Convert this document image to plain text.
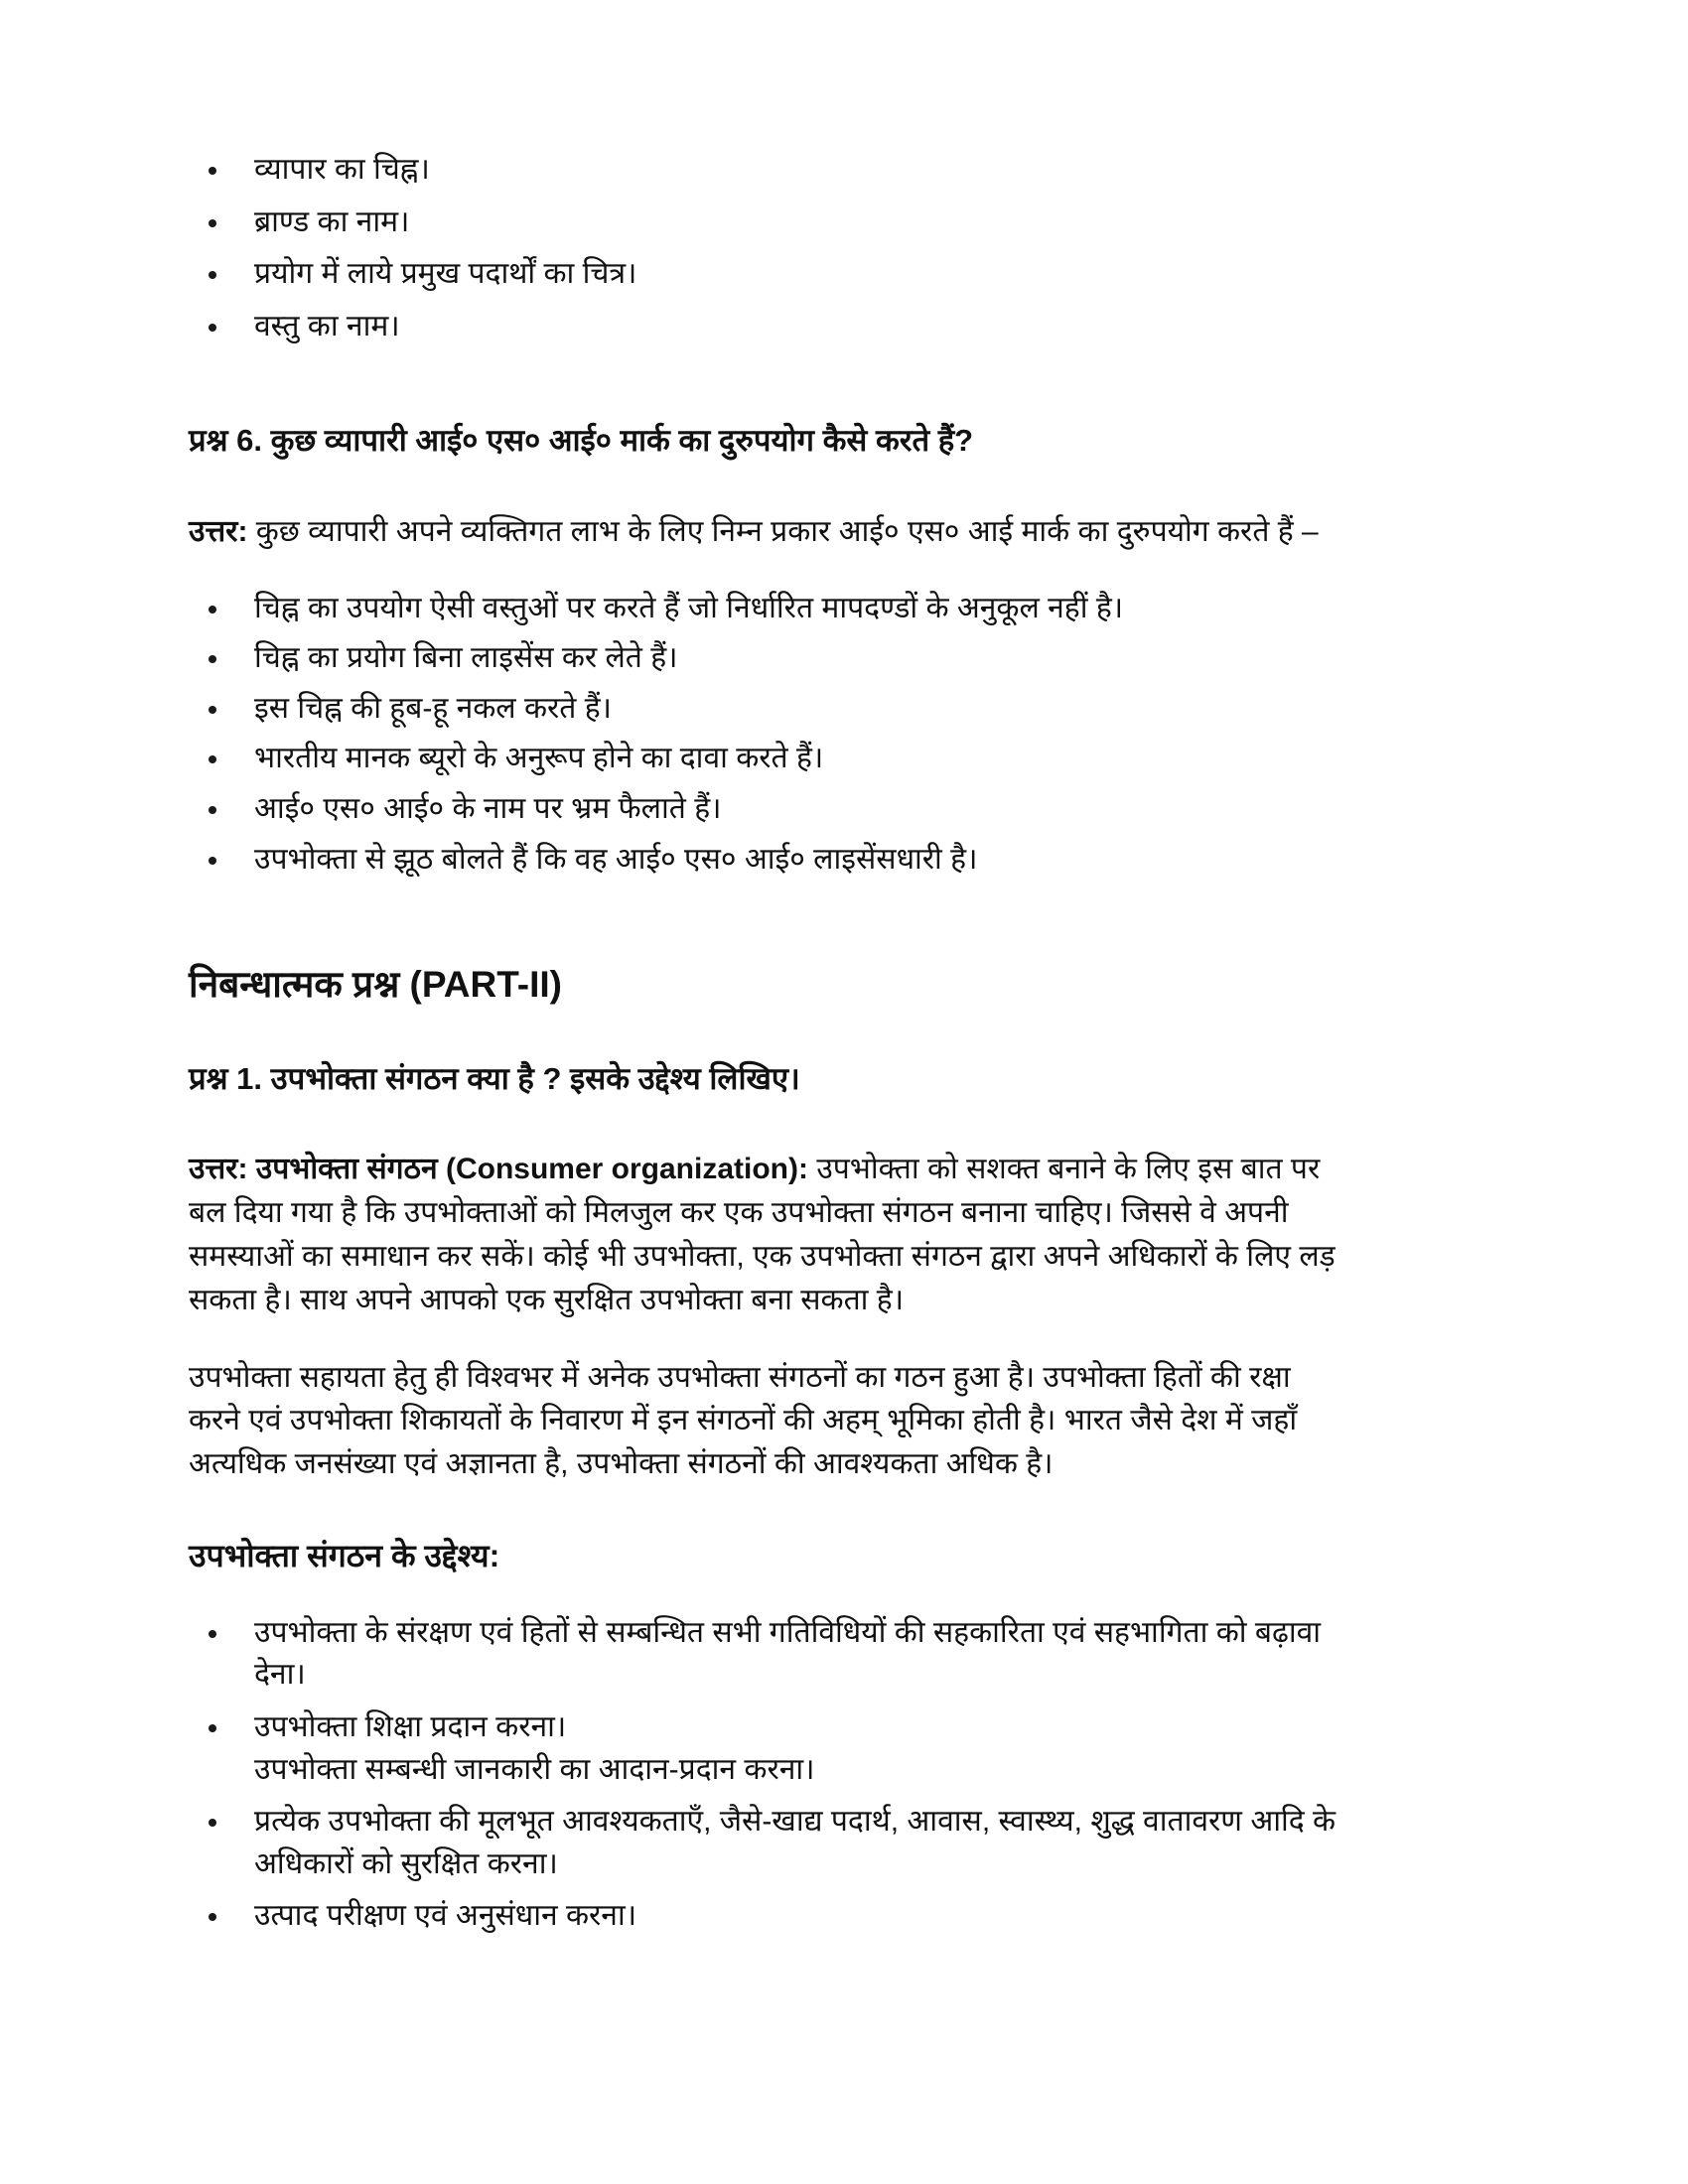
व्यापार का चिह्न।
ब्राण्ड का नाम।
प्रयोग में लाये प्रमुख पदार्थों का चित्र।
वस्तु का नाम।

प्रश्न 6. कुछ व्यापारी आई० एस० आई० मार्क का दुरुपयोग कैसे करते हैं?

उत्तर: कुछ व्यापारी अपने व्यक्तिगत लाभ के लिए निम्न प्रकार आई० एस० आई मार्क का दुरुपयोग करते हैं –

चिह्न का उपयोग ऐसी वस्तुओं पर करते हैं जो निर्धारित मापदण्डों के अनुकूल नहीं है।
चिह्न का प्रयोग बिना लाइसेंस कर लेते हैं।
इस चिह्न की हूब-हू नकल करते हैं।
भारतीय मानक ब्यूरो के अनुरूप होने का दावा करते हैं।
आई० एस० आई० के नाम पर भ्रम फैलाते हैं।
उपभोक्ता से झूठ बोलते हैं कि वह आई० एस० आई० लाइसेंसधारी है।

निबन्धात्मक प्रश्न (PART-II)

प्रश्न 1. उपभोक्ता संगठन क्या है ? इसके उद्देश्य लिखिए।

उत्तर: उपभोक्ता संगठन (Consumer organization): उपभोक्ता को सशक्त बनाने के लिए इस बात पर बल दिया गया है कि उपभोक्ताओं को मिलजुल कर एक उपभोक्ता संगठन बनाना चाहिए। जिससे वे अपनी समस्याओं का समाधान कर सकें। कोई भी उपभोक्ता, एक उपभोक्ता संगठन द्वारा अपने अधिकारों के लिए लड़ सकता है। साथ अपने आपको एक सुरक्षित उपभोक्ता बना सकता है।

उपभोक्ता सहायता हेतु ही विश्वभर में अनेक उपभोक्ता संगठनों का गठन हुआ है। उपभोक्ता हितों की रक्षा करने एवं उपभोक्ता शिकायतों के निवारण में इन संगठनों की अहम् भूमिका होती है। भारत जैसे देश में जहाँ अत्यधिक जनसंख्या एवं अज्ञानता है, उपभोक्ता संगठनों की आवश्यकता अधिक है।

उपभोक्ता संगठन के उद्देश्य:

उपभोक्ता के संरक्षण एवं हितों से सम्बन्धित सभी गतिविधियों की सहकारिता एवं सहभागिता को बढ़ावा देना।
उपभोक्ता शिक्षा प्रदान करना।
उपभोक्ता सम्बन्धी जानकारी का आदान-प्रदान करना।
प्रत्येक उपभोक्ता की मूलभूत आवश्यकताएँ, जैसे-खाद्य पदार्थ, आवास, स्वास्थ्य, शुद्ध वातावरण आदि के अधिकारों को सुरक्षित करना।
उत्पाद परीक्षण एवं अनुसंधान करना।
